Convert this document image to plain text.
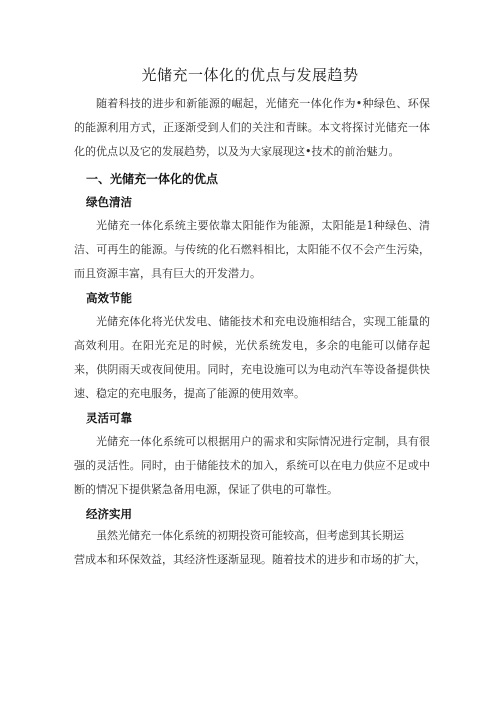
光储充一体化的优点与发展趋势

随着科技的进步和新能源的崛起，光储充一体化作为•种绿色、环保的能源利用方式，正逐渐受到人们的关注和青睐。本文将探讨光储充一体化的优点以及它的发展趋势，以及为大家展现这•技术的前治魅力。

一、光储充一体化的优点
绿色清洁

光储充一体化系统主要依靠太阳能作为能源，太阳能是1种绿色、清洁、可再生的能源。与传统的化石燃料相比，太阳能不仅不会产生污染，而且资源丰富，具有巨大的开发潜力。

高效节能

光储充体化将光伏发电、储能技术和充电设施相结合，实现工能量的高效利用。在阳光充足的时候，光伏系统发电，多余的电能可以储存起来，供阴雨天或夜间使用。同时，充电设施可以为电动汽车等设备提供快速、稳定的充电服务，提高了能源的使用效率。

灵活可靠

光储充一体化系统可以根据用户的需求和实际情况进行定制，具有很强的灵活性。同时，由于储能技术的加入，系统可以在电力供应不足或中断的情况下提供紧急备用电源，保证了供电的可靠性。

经济实用

虽然光储充一体化系统的初期投资可能较高，但考虑到其长期运

营成本和环保效益，其经济性逐渐显现。随着技术的进步和市场的扩大，
